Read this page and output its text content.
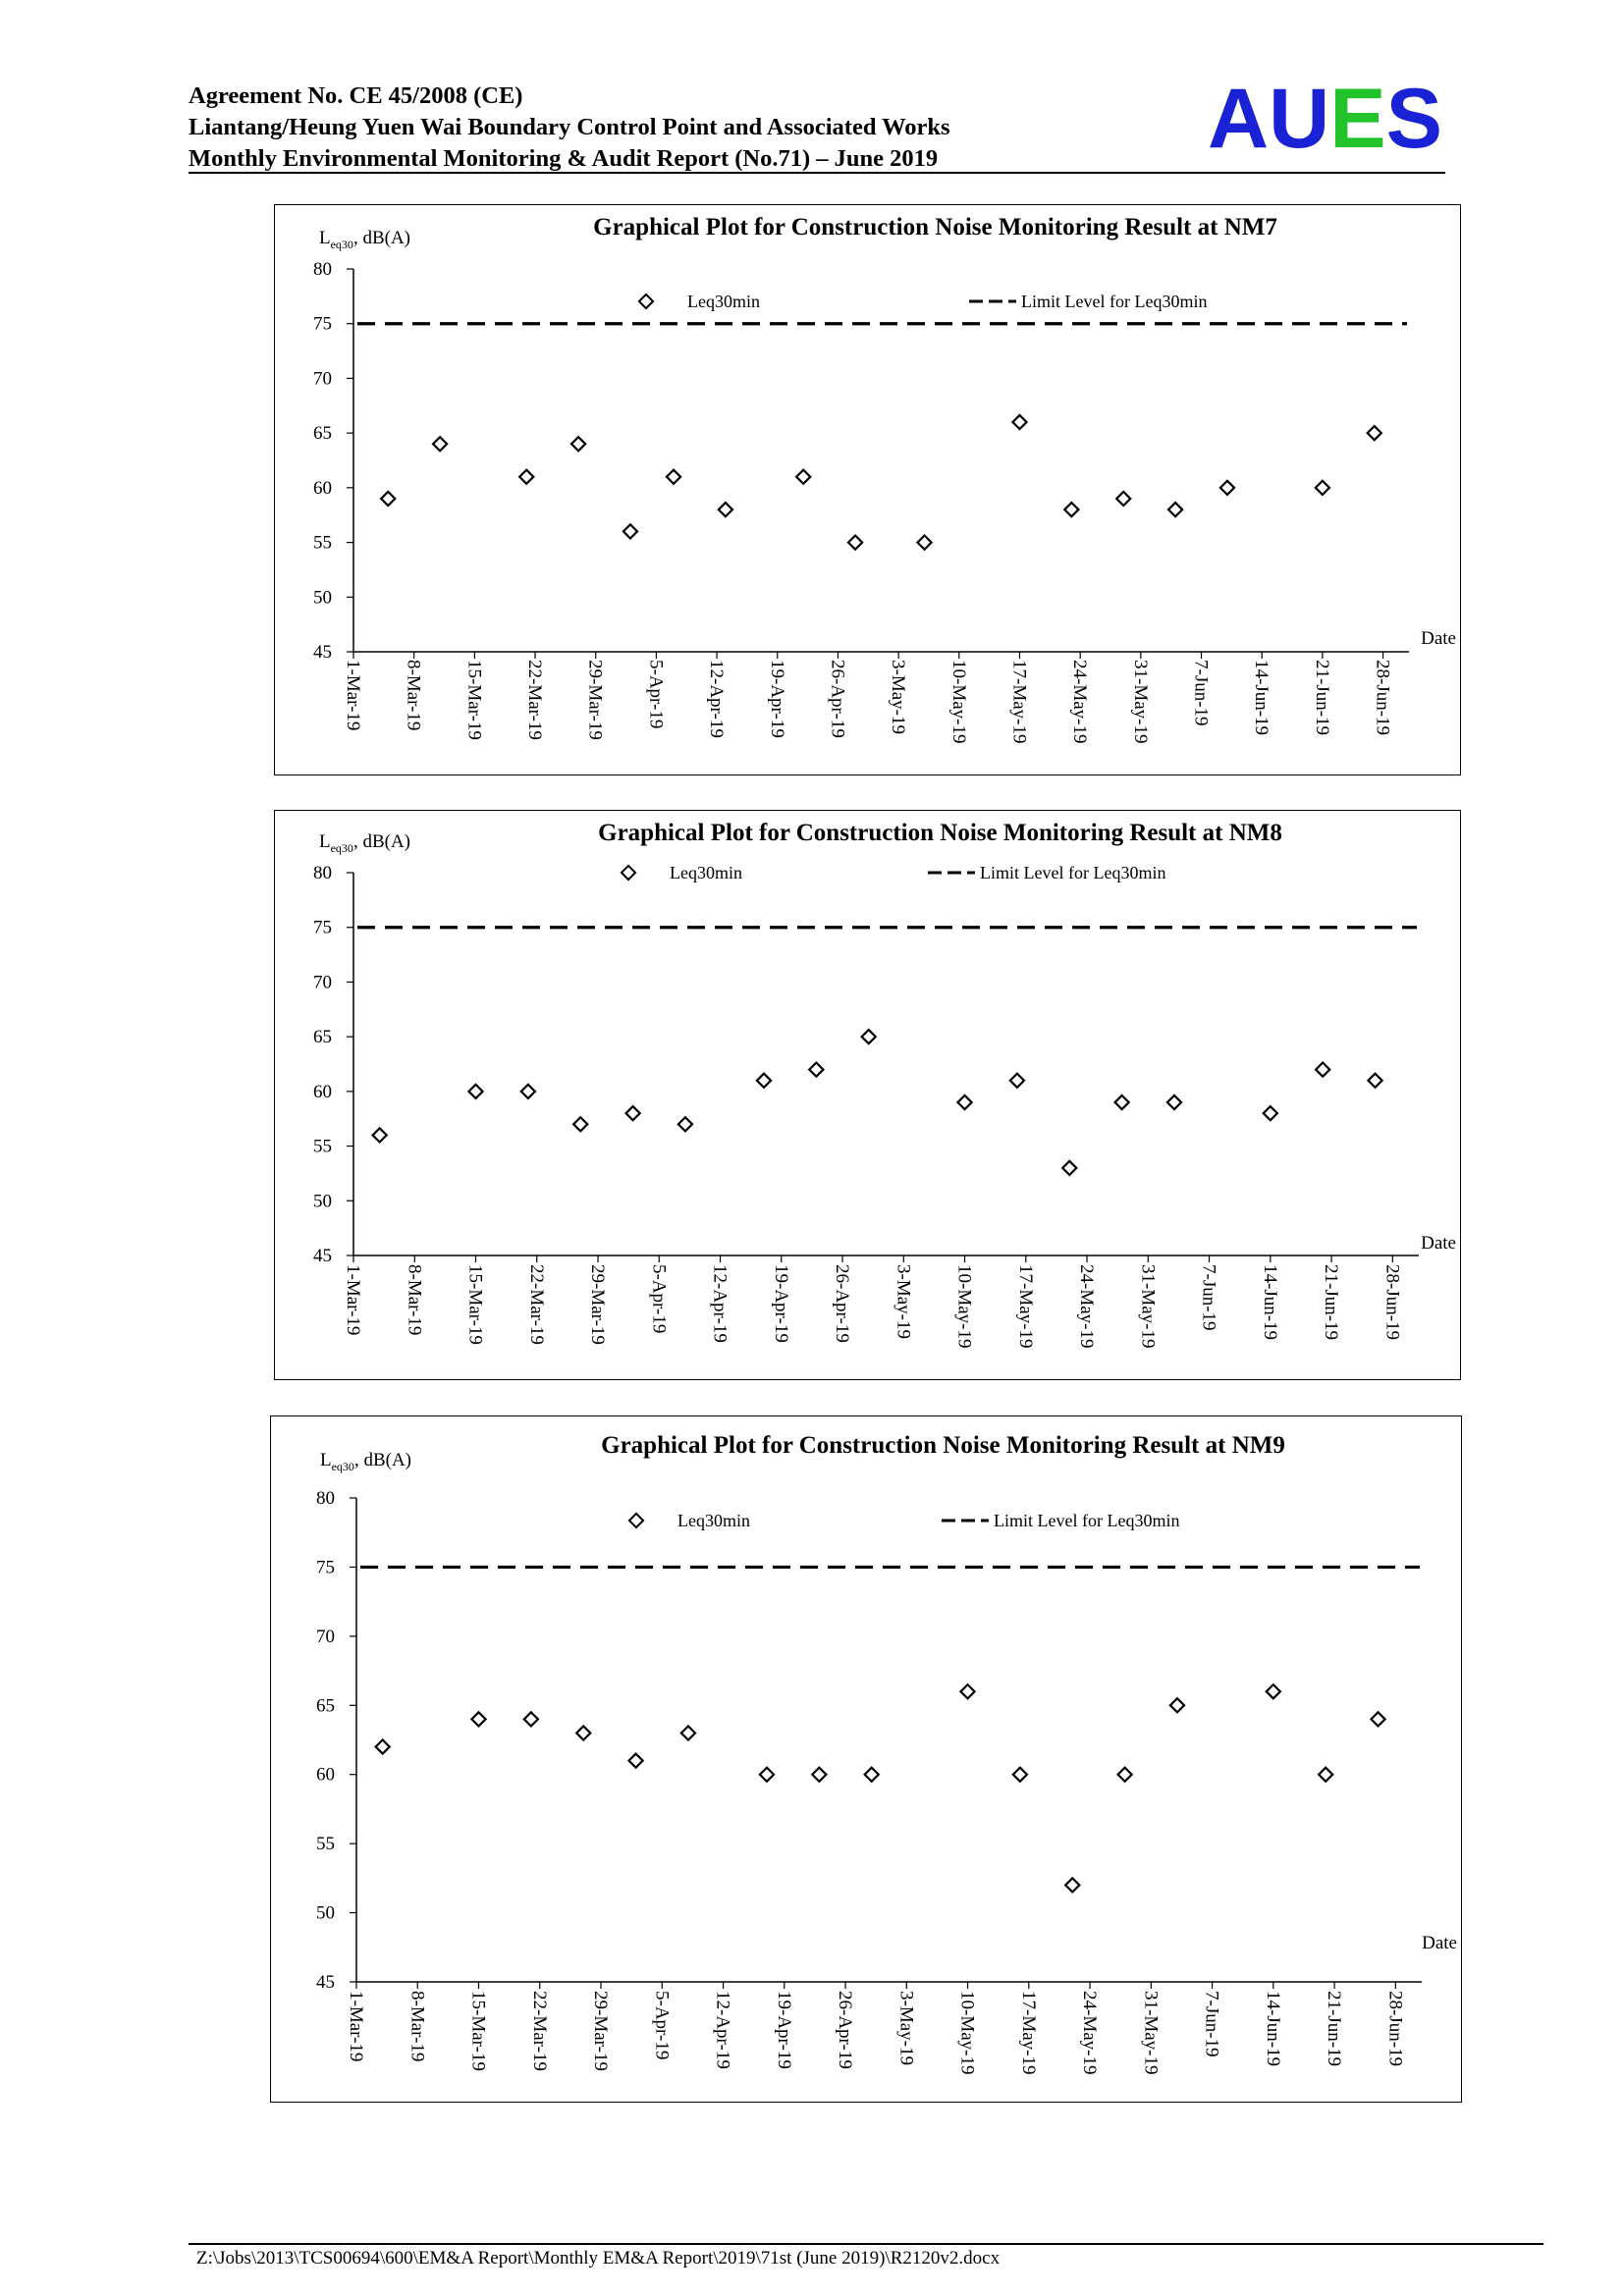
Agreement No. CE 45/2008 (CE)
Liantang/Heung Yuen Wai Boundary Control Point and Associated Works
Monthly Environmental Monitoring & Audit Report (No.71) – June 2019	AUES
Graphical Plot for Construction Noise Monitoring Result at NM7
$L_{eq30}$, dB(A)
45
50
55
60
65
70
75
80
1-Mar-19 8-Mar-19 15-Mar-19 22-Mar-19 29-Mar-19 5-Apr-19 12-Apr-19 19-Apr-19 26-Apr-19 3-May-19 10-May-19 17-May-19 24-May-19 31-May-19 7-Jun-19 14-Jun-19 21-Jun-19 28-Jun-19
Date
Leq30min	Limit Level for Leq30min
Graphical Plot for Construction Noise Monitoring Result at NM8
$L_{eq30}$, dB(A)
45
50
55
60
65
70
75
80
1-Mar-19 8-Mar-19 15-Mar-19 22-Mar-19 29-Mar-19 5-Apr-19 12-Apr-19 19-Apr-19 26-Apr-19 3-May-19 10-May-19 17-May-19 24-May-19 31-May-19 7-Jun-19 14-Jun-19 21-Jun-19 28-Jun-19
Date
Leq30min	Limit Level for Leq30min
Graphical Plot for Construction Noise Monitoring Result at NM9
$L_{eq30}$, dB(A)
45
50
55
60
65
70
75
80
1-Mar-19 8-Mar-19 15-Mar-19 22-Mar-19 29-Mar-19 5-Apr-19 12-Apr-19 19-Apr-19 26-Apr-19 3-May-19 10-May-19 17-May-19 24-May-19 31-May-19 7-Jun-19 14-Jun-19 21-Jun-19 28-Jun-19
Date
Leq30min	Limit Level for Leq30min
Z:\Jobs\2013\TCS00694\600\EM&A Report\Monthly EM&A Report\2019\71st (June 2019)\R2120v2.docx
